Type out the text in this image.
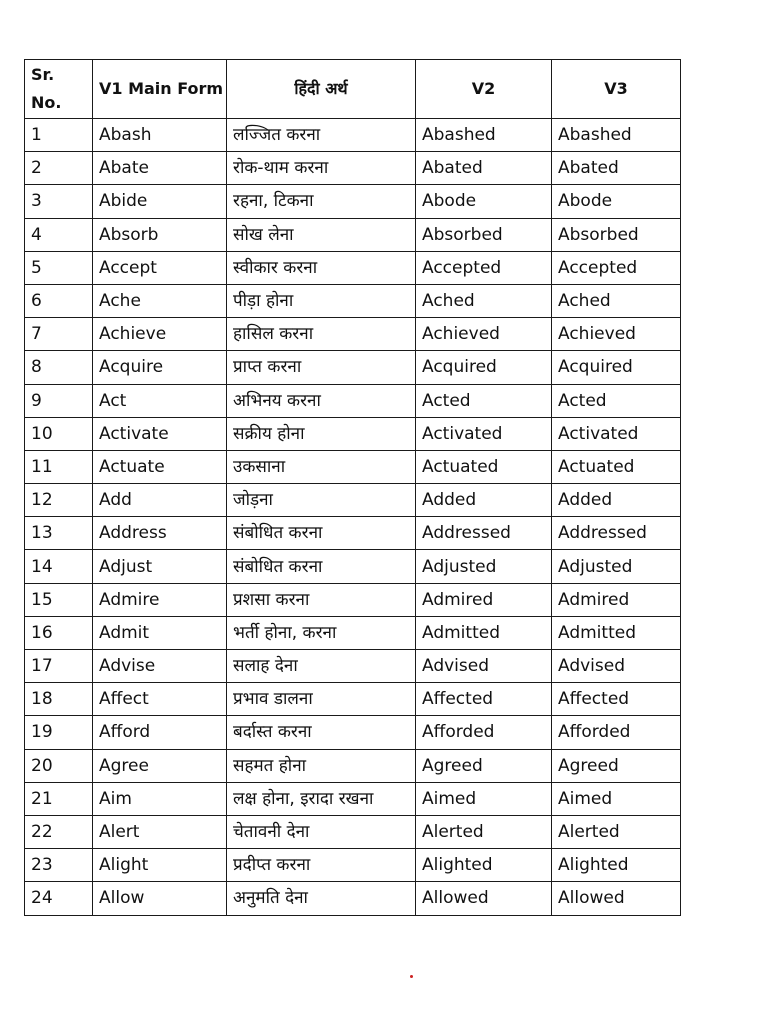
Sr. No.	V1 Main Form	हिंदी अर्थ	V2	V3
1	Abash	लज्जित करना	Abashed	Abashed
2	Abate	रोक-थाम करना	Abated	Abated
3	Abide	रहना, टिकना	Abode	Abode
4	Absorb	सोख लेना	Absorbed	Absorbed
5	Accept	स्वीकार करना	Accepted	Accepted
6	Ache	पीड़ा होना	Ached	Ached
7	Achieve	हासिल करना	Achieved	Achieved
8	Acquire	प्राप्त करना	Acquired	Acquired
9	Act	अभिनय करना	Acted	Acted
10	Activate	सक्रीय होना	Activated	Activated
11	Actuate	उकसाना	Actuated	Actuated
12	Add	जोड़ना	Added	Added
13	Address	संबोधित करना	Addressed	Addressed
14	Adjust	संबोधित करना	Adjusted	Adjusted
15	Admire	प्रशसा करना	Admired	Admired
16	Admit	भर्ती होना, करना	Admitted	Admitted
17	Advise	सलाह देना	Advised	Advised
18	Affect	प्रभाव डालना	Affected	Affected
19	Afford	बर्दास्त करना	Afforded	Afforded
20	Agree	सहमत होना	Agreed	Agreed
21	Aim	लक्ष होना, इरादा रखना	Aimed	Aimed
22	Alert	चेतावनी देना	Alerted	Alerted
23	Alight	प्रदीप्त करना	Alighted	Alighted
24	Allow	अनुमति देना	Allowed	Allowed
